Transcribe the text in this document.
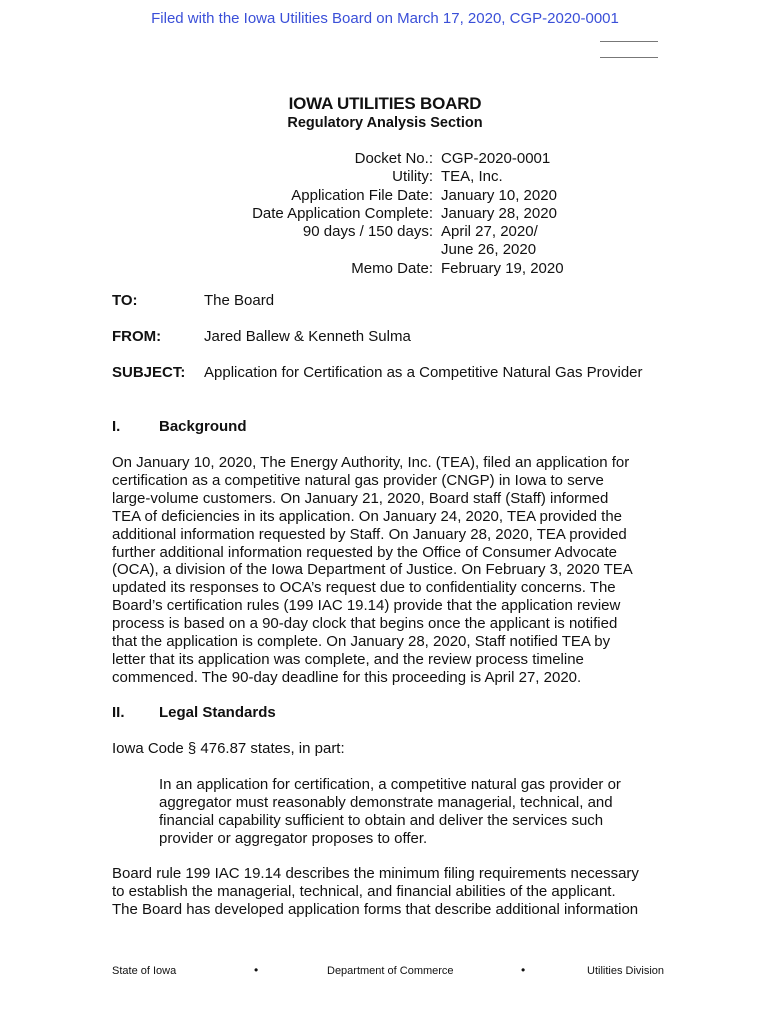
Filed with the Iowa Utilities Board on March 17, 2020, CGP-2020-0001
IOWA UTILITIES BOARD
Regulatory Analysis Section
Docket No.: CGP-2020-0001
Utility: TEA, Inc.
Application File Date: January 10, 2020
Date Application Complete: January 28, 2020
90 days / 150 days: April 27, 2020/
June 26, 2020
Memo Date: February 19, 2020
TO:	The Board
FROM:	Jared Ballew & Kenneth Sulma
SUBJECT: Application for Certification as a Competitive Natural Gas Provider
I.	Background
On January 10, 2020, The Energy Authority, Inc. (TEA), filed an application for
certification as a competitive natural gas provider (CNGP) in Iowa to serve
large-volume customers. On January 21, 2020, Board staff (Staff) informed
TEA of deficiencies in its application. On January 24, 2020, TEA provided the
additional information requested by Staff. On January 28, 2020, TEA provided
further additional information requested by the Office of Consumer Advocate
(OCA), a division of the Iowa Department of Justice. On February 3, 2020 TEA
updated its responses to OCA’s request due to confidentiality concerns. The
Board’s certification rules (199 IAC 19.14) provide that the application review
process is based on a 90-day clock that begins once the applicant is notified
that the application is complete. On January 28, 2020, Staff notified TEA by
letter that its application was complete, and the review process timeline
commenced. The 90-day deadline for this proceeding is April 27, 2020.
II. Legal Standards
Iowa Code § 476.87 states, in part:
In an application for certification, a competitive natural gas provider or
aggregator must reasonably demonstrate managerial, technical, and
financial capability sufficient to obtain and deliver the services such
provider or aggregator proposes to offer.
Board rule 199 IAC 19.14 describes the minimum filing requirements necessary
to establish the managerial, technical, and financial abilities of the applicant.
The Board has developed application forms that describe additional information
State of Iowa	•	Department of Commerce	•	Utilities Division
